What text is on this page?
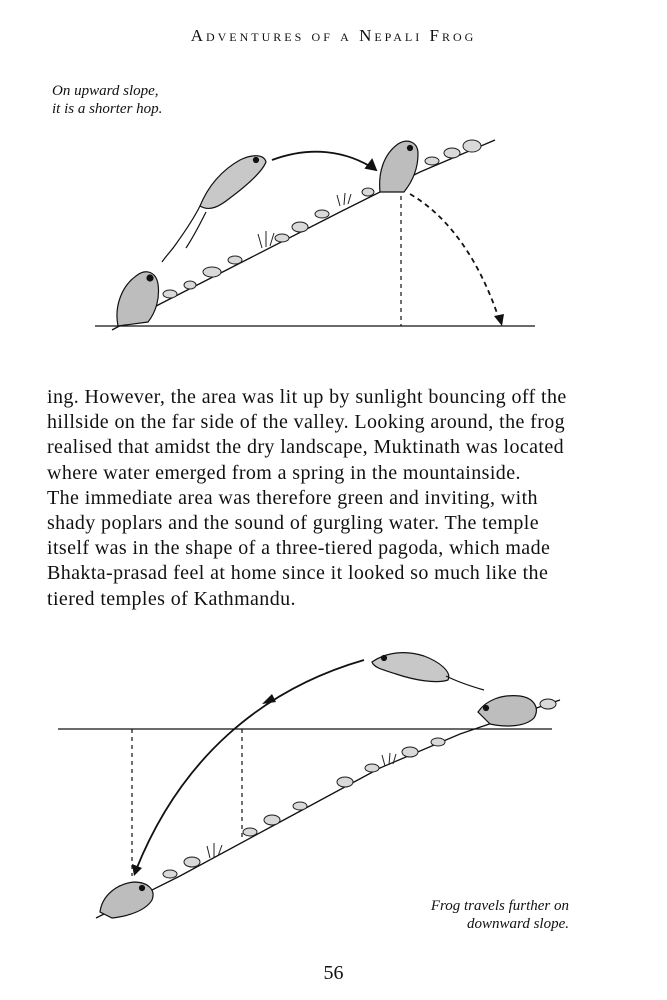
Adventures of a Nepali Frog
On upward slope,
it is a shorter hop.
ing. However, the area was lit up by sunlight bouncing off the
hillside on the far side of the valley. Looking around, the frog
realised that amidst the dry landscape, Muktinath was located
where water emerged from a spring in the mountainside.
The immediate area was therefore green and inviting, with
shady poplars and the sound of gurgling water. The temple
itself was in the shape of a three-tiered pagoda, which made
Bhakta-prasad feel at home since it looked so much like the
tiered temples of Kathmandu.
Frog travels further on
downward slope.
56
